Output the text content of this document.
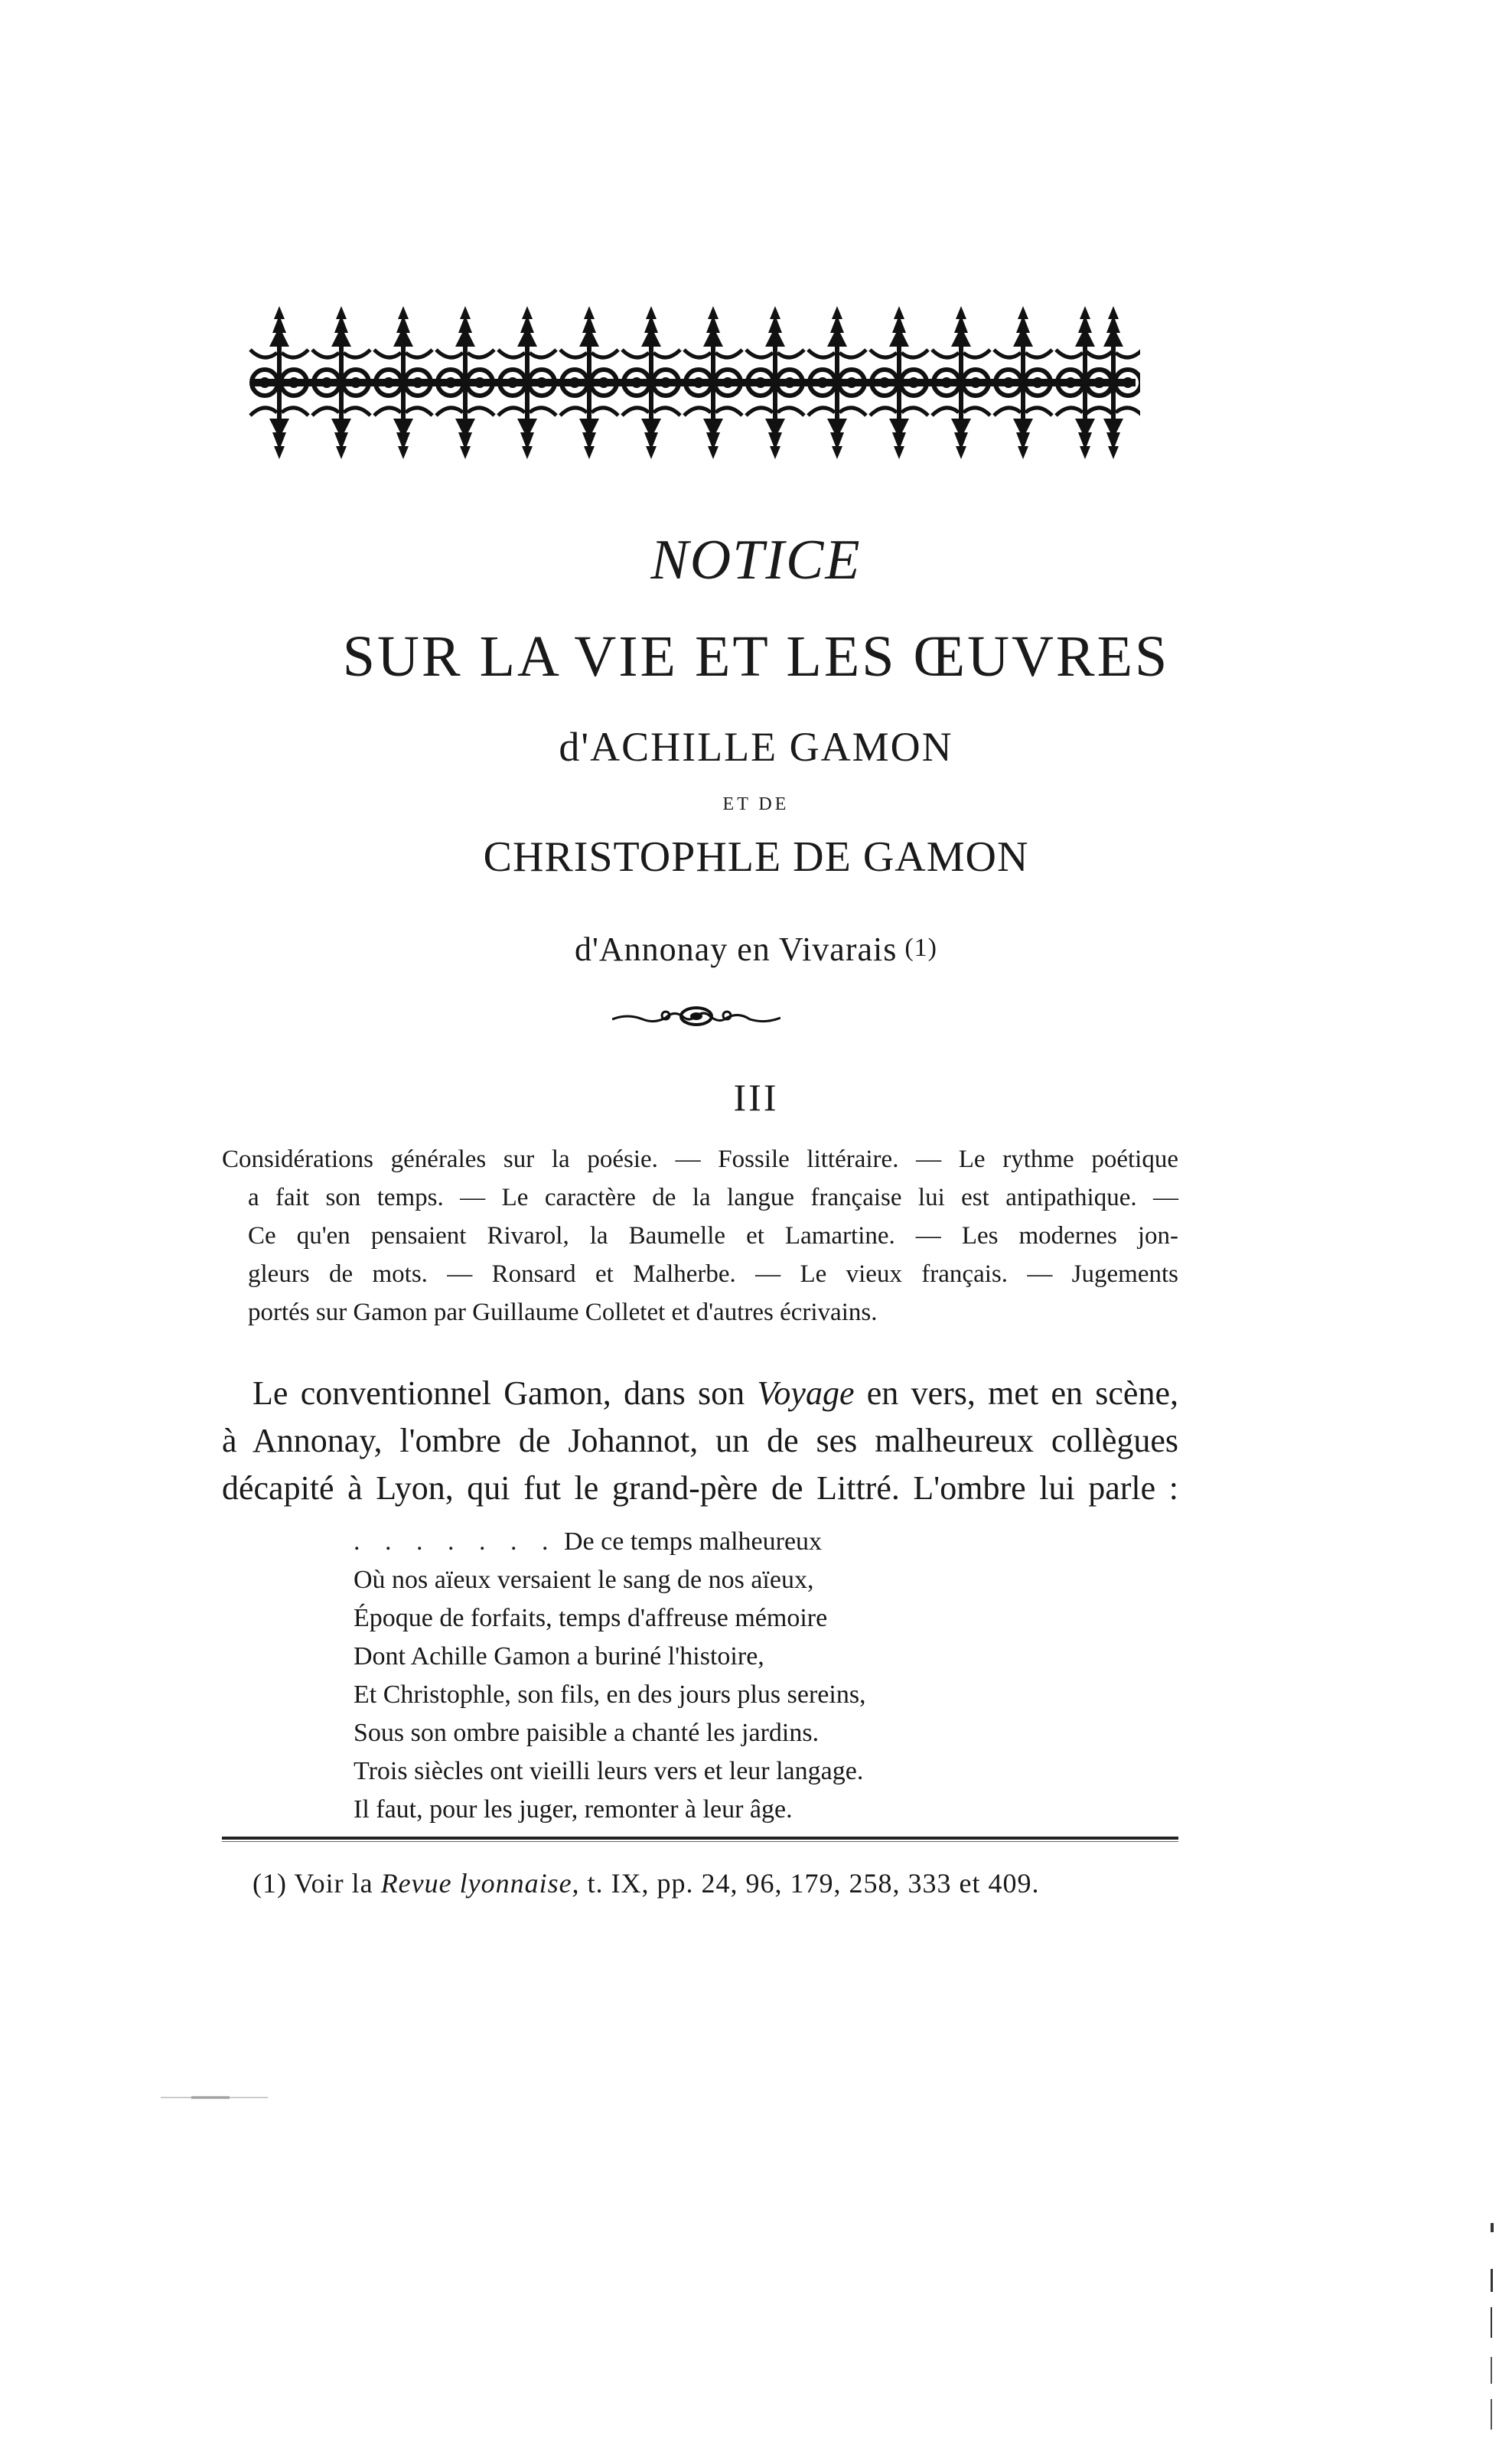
NOTICE
SUR LA VIE ET LES ŒUVRES
d'ACHILLE GAMON
ET DE
CHRISTOPHLE DE GAMON
d'Annonay en Vivarais (1)
III
Considérations générales sur la poésie. — Fossile littéraire. — Le rythme poétique
a fait son temps. — Le caractère de la langue française lui est antipathique. —
Ce qu'en pensaient Rivarol, la Baumelle et Lamartine. — Les modernes jon-
gleurs de mots. — Ronsard et Malherbe. — Le vieux français. — Jugements
portés sur Gamon par Guillaume Colletet et d'autres écrivains.
Le conventionnel Gamon, dans son Voyage en vers, met en scène,
à Annonay, l'ombre de Johannot, un de ses malheureux collègues
décapité à Lyon, qui fut le grand-père de Littré. L'ombre lui parle :
. . . . . . . De ce temps malheureux
Où nos aïeux versaient le sang de nos aïeux,
Époque de forfaits, temps d'affreuse mémoire
Dont Achille Gamon a buriné l'histoire,
Et Christophle, son fils, en des jours plus sereins,
Sous son ombre paisible a chanté les jardins.
Trois siècles ont vieilli leurs vers et leur langage.
Il faut, pour les juger, remonter à leur âge.
(1) Voir la Revue lyonnaise, t. IX, pp. 24, 96, 179, 258, 333 et 409.
